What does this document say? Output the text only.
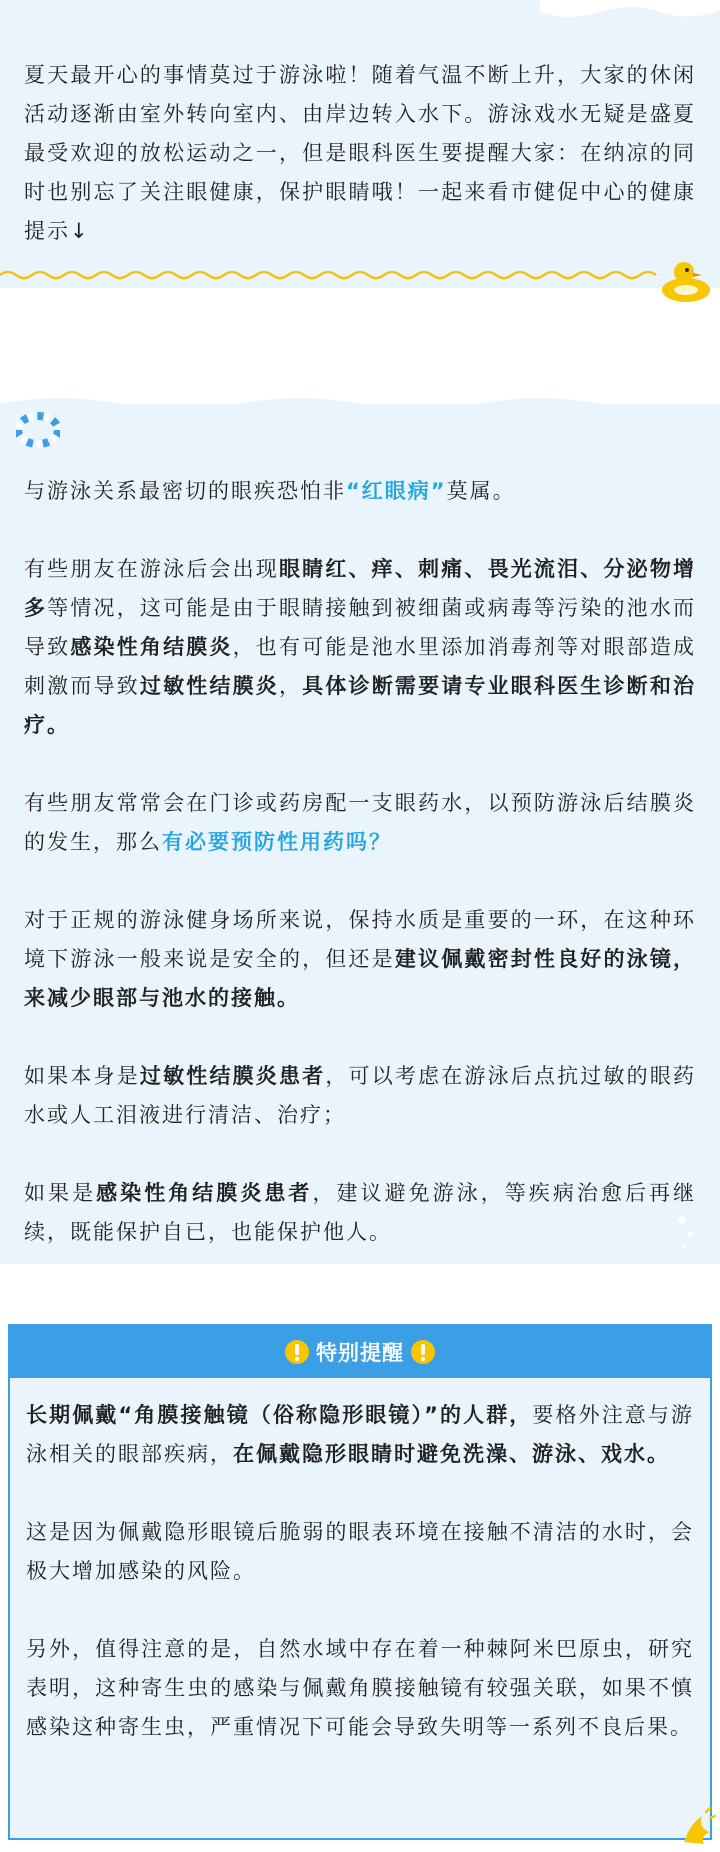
夏天最开心的事情莫过于游泳啦！随着气温不断上升，大家的休闲活动逐渐由室外转向室内、由岸边转入水下。游泳戏水无疑是盛夏最受欢迎的放松运动之一，但是眼科医生要提醒大家：在纳凉的同时也别忘了关注眼健康，保护眼睛哦！一起来看市健促中心的健康提示↓

与游泳关系最密切的眼疾恐怕非“红眼病”莫属。

有些朋友在游泳后会出现眼睛红、痒、刺痛、畏光流泪、分泌物增多等情况，这可能是由于眼睛接触到被细菌或病毒等污染的池水而导致感染性角结膜炎，也有可能是池水里添加消毒剂等对眼部造成刺激而导致过敏性结膜炎，具体诊断需要请专业眼科医生诊断和治疗。

有些朋友常常会在门诊或药房配一支眼药水，以预防游泳后结膜炎的发生，那么有必要预防性用药吗？

对于正规的游泳健身场所来说，保持水质是重要的一环，在这种环境下游泳一般来说是安全的，但还是建议佩戴密封性良好的泳镜，来减少眼部与池水的接触。

如果本身是过敏性结膜炎患者，可以考虑在游泳后点抗过敏的眼药水或人工泪液进行清洁、治疗；

如果是感染性角结膜炎患者，建议避免游泳，等疾病治愈后再继续，既能保护自已，也能保护他人。

特别提醒

长期佩戴“角膜接触镜（俗称隐形眼镜）”的人群，要格外注意与游泳相关的眼部疾病，在佩戴隐形眼睛时避免洗澡、游泳、戏水。

这是因为佩戴隐形眼镜后脆弱的眼表环境在接触不清洁的水时，会极大增加感染的风险。

另外，值得注意的是，自然水域中存在着一种棘阿米巴原虫，研究表明，这种寄生虫的感染与佩戴角膜接触镜有较强关联，如果不慎感染这种寄生虫，严重情况下可能会导致失明等一系列不良后果。
